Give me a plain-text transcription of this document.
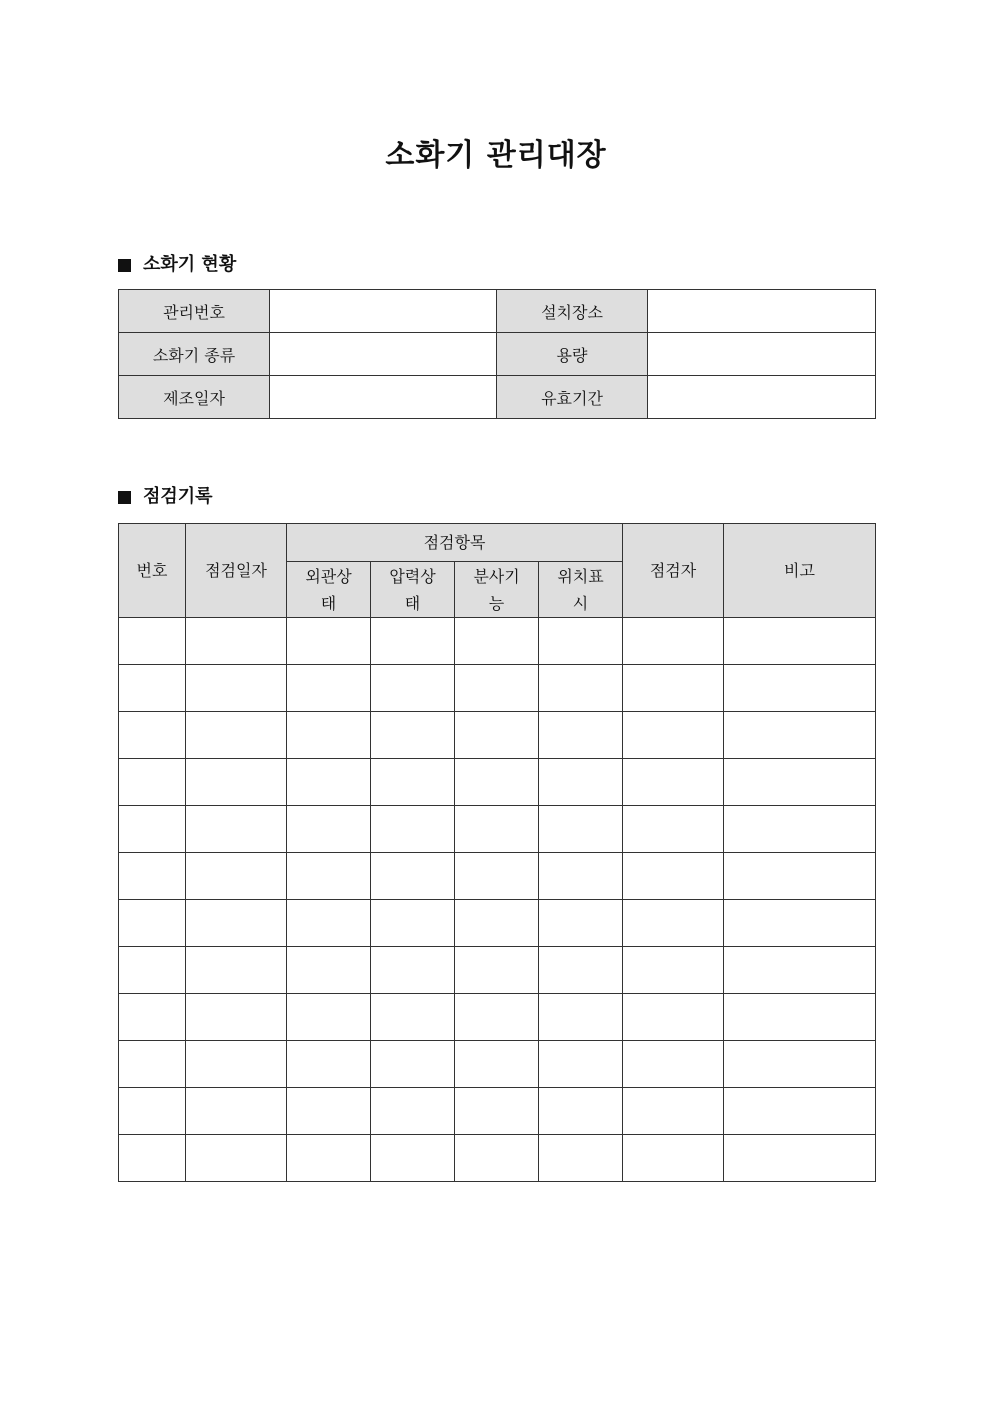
소화기 관리대장
소화기 현황
관리번호		설치장소	
소화기 종류		용량	
제조일자		유효기간	
점검기록
번호	점검일자	점검항목				점검자	비고

		외관상태	압력상태	분사기능	위치표시		
